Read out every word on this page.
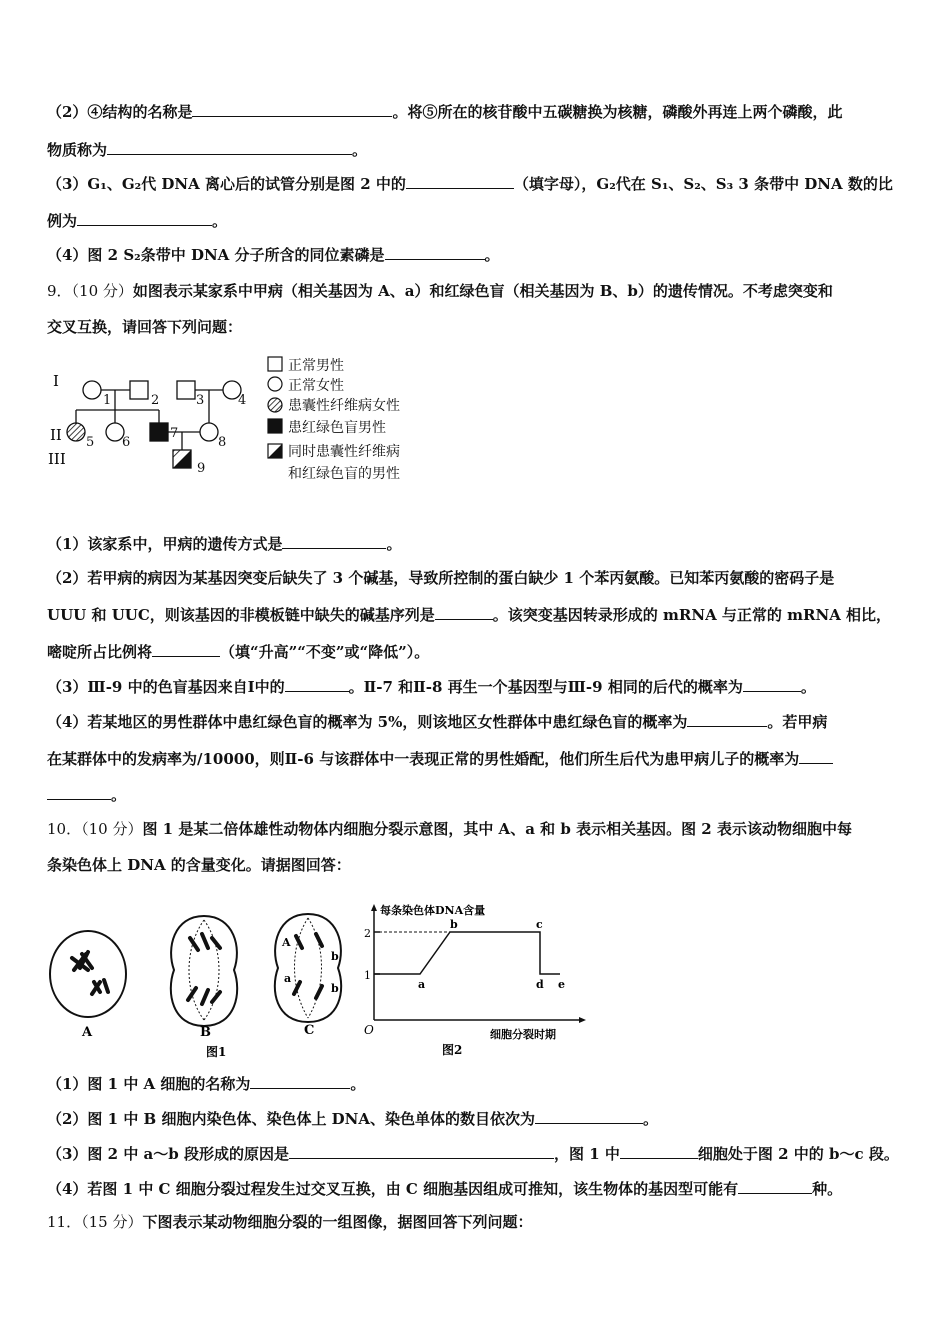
（2）④结构的名称是	。将⑤所在的核苷酸中五碳糖换为核糖，磷酸外再连上两个磷酸，此
物质称为	。
（3）G₁、G₂代 DNA 离心后的试管分别是图 2 中的	（填字母），G₂代在 S₁、S₂、S₃ 3 条带中 DNA 数的比
例为	。
（4）图 2 S₂条带中 DNA 分子所含的同位素磷是	。
9．（10 分）如图表示某家系中甲病（相关基因为 A、a）和红绿色盲（相关基因为 B、b）的遗传情况。不考虑突变和
交叉互换，请回答下列问题：
I
II
III
1	2	3	4
5 6
7
8
9
正常男性
正常女性
患囊性纤维病女性
患红绿色盲男性
同时患囊性纤维病
和红绿色盲的男性
（1）该家系中，甲病的遗传方式是	。
（2）若甲病的病因为某基因突变后缺失了 3 个碱基，导致所控制的蛋白缺少 1 个苯丙氨酸。已知苯丙氨酸的密码子是
UUU 和 UUC，则该基因的非模板链中缺失的碱基序列是	。该突变基因转录形成的 mRNA 与正常的 mRNA 相比，
嘧啶所占比例将	（填“升高”“不变”或“降低”）。
（3）Ⅲ-9 中的色盲基因来自Ⅰ中的	。Ⅱ-7 和Ⅱ-8 再生一个基因型与Ⅲ-9 相同的后代的概率为	。
（4）若某地区的男性群体中患红绿色盲的概率为 5%，则该地区女性群体中患红绿色盲的概率为	。若甲病
在某群体中的发病率为/10000，则Ⅱ-6 与该群体中一表现正常的男性婚配，他们所生后代为患甲病儿子的概率为
。
10．（10 分）图 1 是某二倍体雄性动物体内细胞分裂示意图，其中 A、a 和 b 表示相关基因。图 2 表示该动物细胞中每
条染色体上 DNA 的含量变化。请据图回答：
A	B
A
a
b
b
C
图1
每条染色体DNA含量
2
1
O
a
b	c
d e
细胞分裂时期
图2
（1）图 1 中 A 细胞的名称为	。
（2）图 1 中 B 细胞内染色体、染色体上 DNA、染色单体的数目依次为	。
（3）图 2 中 a～b 段形成的原因是	，图 1 中	细胞处于图 2 中的 b～c 段。
（4）若图 1 中 C 细胞分裂过程发生过交叉互换，由 C 细胞基因组成可推知，该生物体的基因型可能有	种。
11．（15 分）下图表示某动物细胞分裂的一组图像，据图回答下列问题：
